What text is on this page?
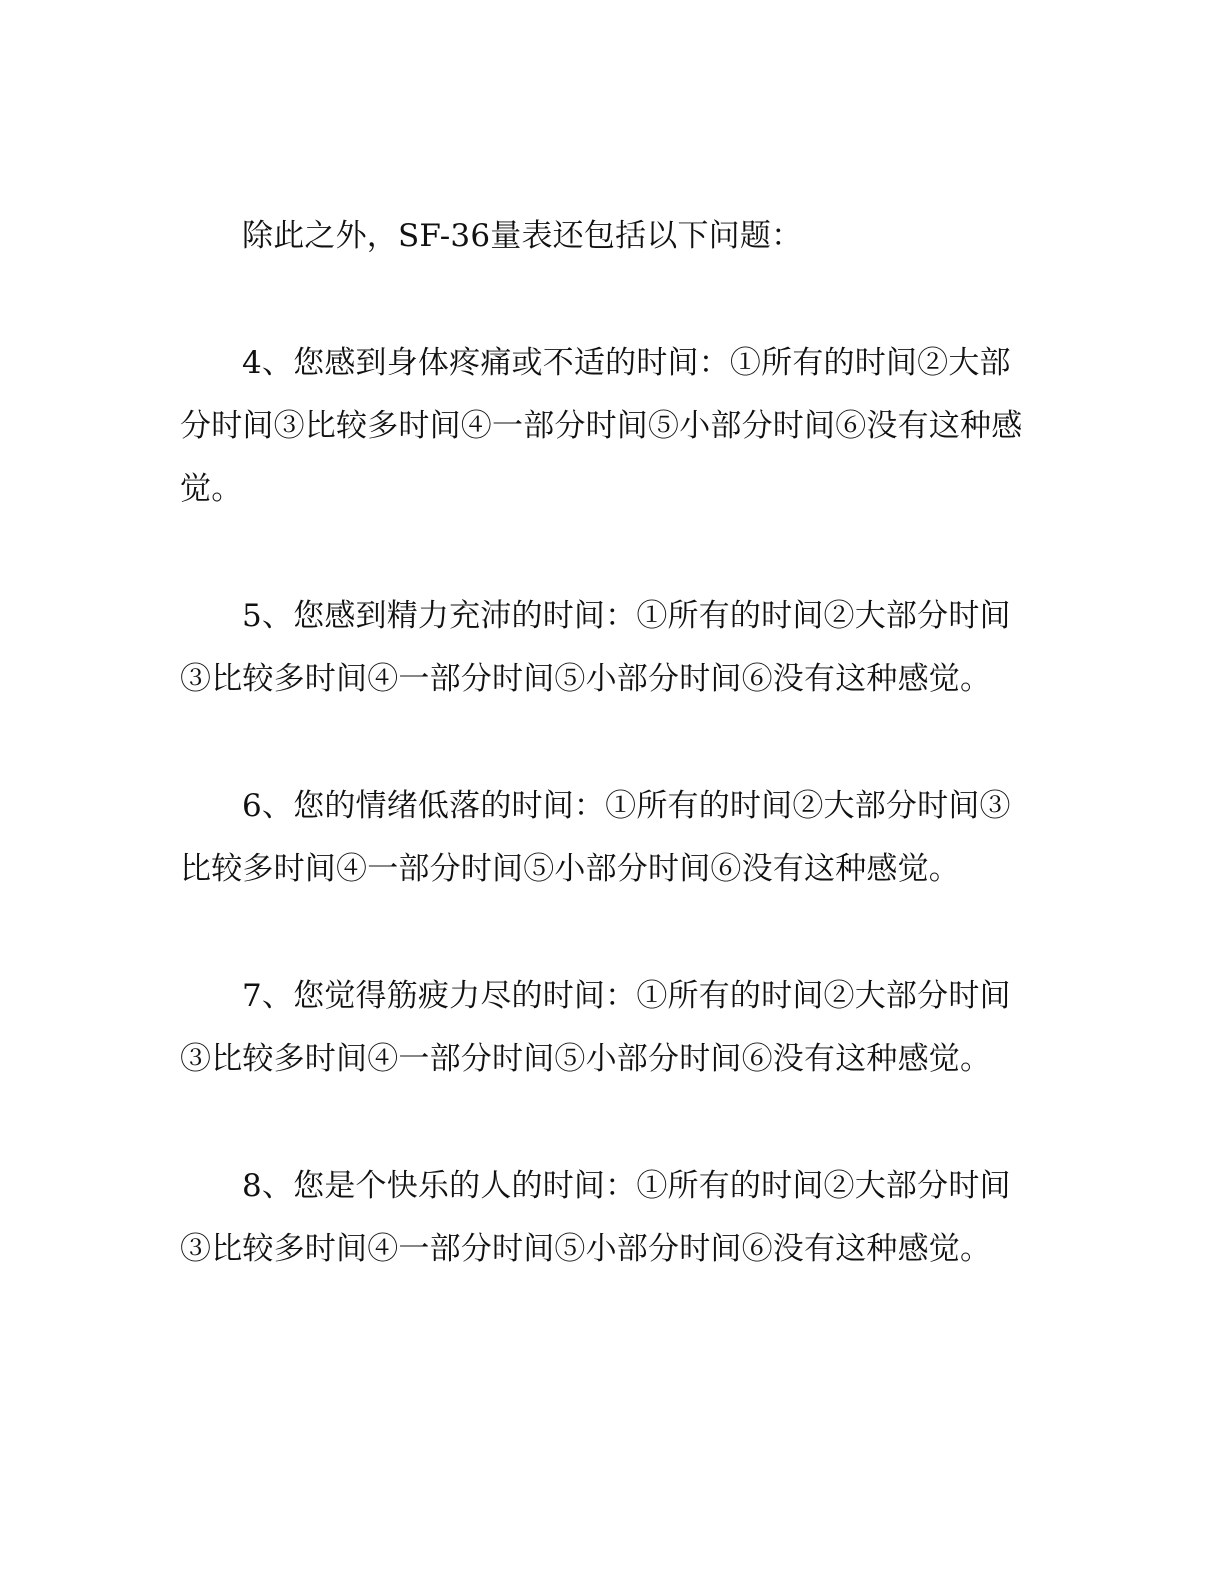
除此之外，SF-36量表还包括以下问题：

4、您感到身体疼痛或不适的时间：①所有的时间②大部分时间③比较多时间④一部分时间⑤小部分时间⑥没有这种感觉。

5、您感到精力充沛的时间：①所有的时间②大部分时间③比较多时间④一部分时间⑤小部分时间⑥没有这种感觉。

6、您的情绪低落的时间：①所有的时间②大部分时间③比较多时间④一部分时间⑤小部分时间⑥没有这种感觉。

7、您觉得筋疲力尽的时间：①所有的时间②大部分时间③比较多时间④一部分时间⑤小部分时间⑥没有这种感觉。

8、您是个快乐的人的时间：①所有的时间②大部分时间③比较多时间④一部分时间⑤小部分时间⑥没有这种感觉。
